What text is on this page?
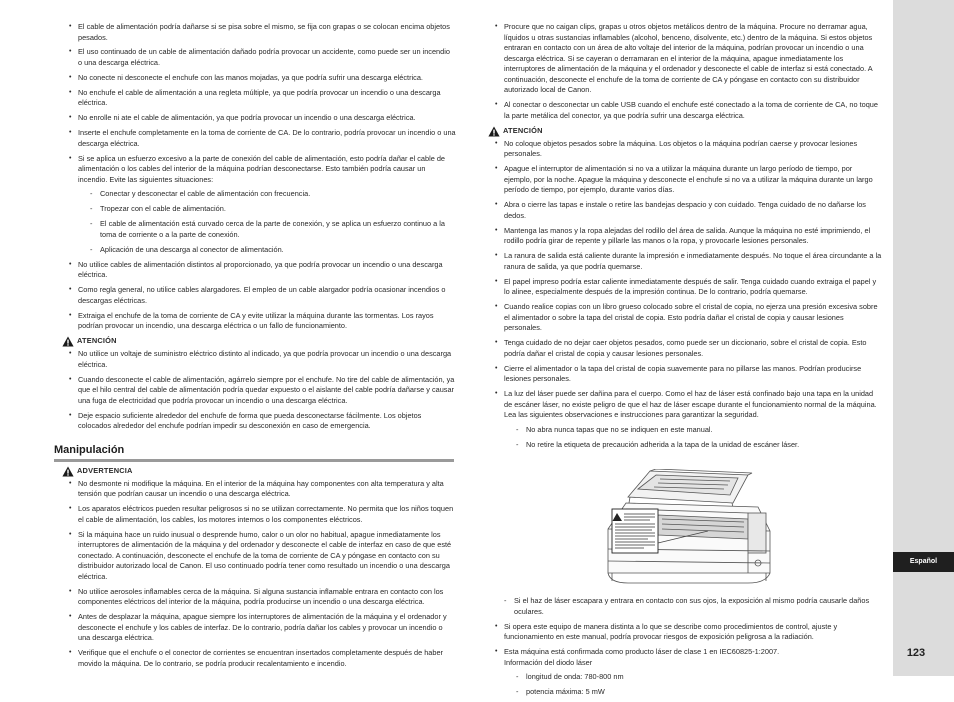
• El cable de alimentación podría dañarse si se pisa sobre el mismo, se fija con grapas o se colocan encima objetos pesados.
• El uso continuado de un cable de alimentación dañado podría provocar un accidente, como puede ser un incendio o una descarga eléctrica.
• No conecte ni desconecte el enchufe con las manos mojadas, ya que podría sufrir una descarga eléctrica.
• No enchufe el cable de alimentación a una regleta múltiple, ya que podría provocar un incendio o una descarga eléctrica.
• No enrolle ni ate el cable de alimentación, ya que podría provocar un incendio o una descarga eléctrica.
• Inserte el enchufe completamente en la toma de corriente de CA. De lo contrario, podría provocar un incendio o una descarga eléctrica.
• Si se aplica un esfuerzo excesivo a la parte de conexión del cable de alimentación, esto podría dañar el cable de alimentación o los cables del interior de la máquina podrían desconectarse. Esto también podría causar un incendio. Evite las siguientes situaciones:
- Conectar y desconectar el cable de alimentación con frecuencia.
- Tropezar con el cable de alimentación.
- El cable de alimentación está curvado cerca de la parte de conexión, y se aplica un esfuerzo continuo a la toma de corriente o a la parte de conexión.
- Aplicación de una descarga al conector de alimentación.
• No utilice cables de alimentación distintos al proporcionado, ya que podría provocar un incendio o una descarga eléctrica.
• Como regla general, no utilice cables alargadores. El empleo de un cable alargador podría ocasionar incendios o descargas eléctricas.
• Extraiga el enchufe de la toma de corriente de CA y evite utilizar la máquina durante las tormentas. Los rayos podrían provocar un incendio, una descarga eléctrica o un fallo de funcionamiento.
ATENCIÓN
• No utilice un voltaje de suministro eléctrico distinto al indicado, ya que podría provocar un incendio o una descarga eléctrica.
• Cuando desconecte el cable de alimentación, agárrelo siempre por el enchufe. No tire del cable de alimentación, ya que el hilo central del cable de alimentación podría quedar expuesto o el aislante del cable podría dañarse y causar una fuga de electricidad que podría provocar un incendio o una descarga eléctrica.
• Deje espacio suficiente alrededor del enchufe de forma que pueda desconectarse fácilmente. Los objetos colocados alrededor del enchufe podrían impedir su desconexión en caso de emergencia.
Manipulación
ADVERTENCIA
• No desmonte ni modifique la máquina. En el interior de la máquina hay componentes con alta temperatura y alta tensión que podrían causar un incendio o una descarga eléctrica.
• Los aparatos eléctricos pueden resultar peligrosos si no se utilizan correctamente. No permita que los niños toquen el cable de alimentación, los cables, los motores internos o los componentes eléctricos.
• Si la máquina hace un ruido inusual o desprende humo, calor o un olor no habitual, apague inmediatamente los interruptores de alimentación de la máquina y del ordenador y desconecte el cable de interfaz en caso de que esté conectado. A continuación, desconecte el enchufe de la toma de corriente de CA y póngase en contacto con su distribuidor autorizado local de Canon. El uso continuado podría tener como resultado un incendio o una descarga eléctrica.
• No utilice aerosoles inflamables cerca de la máquina. Si alguna sustancia inflamable entrara en contacto con los componentes eléctricos del interior de la máquina, podría producirse un incendio o una descarga eléctrica.
• Antes de desplazar la máquina, apague siempre los interruptores de alimentación de la máquina y el ordenador y desconecte el enchufe y los cables de interfaz. De lo contrario, podría dañar los cables y provocar un incendio o una descarga eléctrica.
• Verifique que el enchufe o el conector de corrientes se encuentran insertados completamente después de haber movido la máquina. De lo contrario, se podría producir recalentamiento e incendio.
• Procure que no caigan clips, grapas u otros objetos metálicos dentro de la máquina. Procure no derramar agua, líquidos u otras sustancias inflamables (alcohol, benceno, disolvente, etc.) dentro de la máquina. Si estos objetos entraran en contacto con un área de alto voltaje del interior de la máquina, podrían provocar un incendio o una descarga eléctrica. Si se cayeran o derramaran en el interior de la máquina, apague inmediatamente los interruptores de alimentación de la máquina y el ordenador y desconecte el cable de interfaz si está conectado. A continuación, desconecte el enchufe de la toma de corriente de CA y póngase en contacto con su distribuidor autorizado local de Canon.
• Al conectar o desconectar un cable USB cuando el enchufe esté conectado a la toma de corriente de CA, no toque la parte metálica del conector, ya que podría sufrir una descarga eléctrica.
ATENCIÓN
• No coloque objetos pesados sobre la máquina. Los objetos o la máquina podrían caerse y provocar lesiones personales.
• Apague el interruptor de alimentación si no va a utilizar la máquina durante un largo período de tiempo, por ejemplo, por la noche. Apague la máquina y desconecte el enchufe si no va a utilizar la máquina durante un largo período de tiempo, por ejemplo, durante varios días.
• Abra o cierre las tapas e instale o retire las bandejas despacio y con cuidado. Tenga cuidado de no dañarse los dedos.
• Mantenga las manos y la ropa alejadas del rodillo del área de salida. Aunque la máquina no esté imprimiendo, el rodillo podría girar de repente y pillarle las manos o la ropa, y provocarle lesiones personales.
• La ranura de salida está caliente durante la impresión e inmediatamente después. No toque el área circundante a la ranura de salida, ya que podría quemarse.
• El papel impreso podría estar caliente inmediatamente después de salir. Tenga cuidado cuando extraiga el papel y lo alinee, especialmente después de la impresión continua. De lo contrario, podría quemarse.
• Cuando realice copias con un libro grueso colocado sobre el cristal de copia, no ejerza una presión excesiva sobre el alimentador o sobre la tapa del cristal de copia. Esto podría dañar el cristal de copia y causar lesiones personales.
• Tenga cuidado de no dejar caer objetos pesados, como puede ser un diccionario, sobre el cristal de copia. Esto podría dañar el cristal de copia y causar lesiones personales.
• Cierre el alimentador o la tapa del cristal de copia suavemente para no pillarse las manos. Podrían producirse lesiones personales.
• La luz del láser puede ser dañina para el cuerpo. Como el haz de láser está confinado bajo una tapa en la unidad de escáner láser, no existe peligro de que el haz de láser escape durante el funcionamiento normal de la máquina. Lea las siguientes observaciones e instrucciones para garantizar la seguridad.
- No abra nunca tapas que no se indiquen en este manual.
- No retire la etiqueta de precaución adherida a la tapa de la unidad de escáner láser.
- Si el haz de láser escapara y entrara en contacto con sus ojos, la exposición al mismo podría causarle daños oculares.
• Si opera este equipo de manera distinta a lo que se describe como procedimientos de control, ajuste y funcionamiento en este manual, podría provocar riesgos de exposición peligrosa a la radiación.
• Esta máquina está confirmada como producto láser de clase 1 en IEC60825-1:2007.
Información del diodo láser
- longitud de onda: 780-800 nm
- potencia máxima: 5 mW
Español
123
